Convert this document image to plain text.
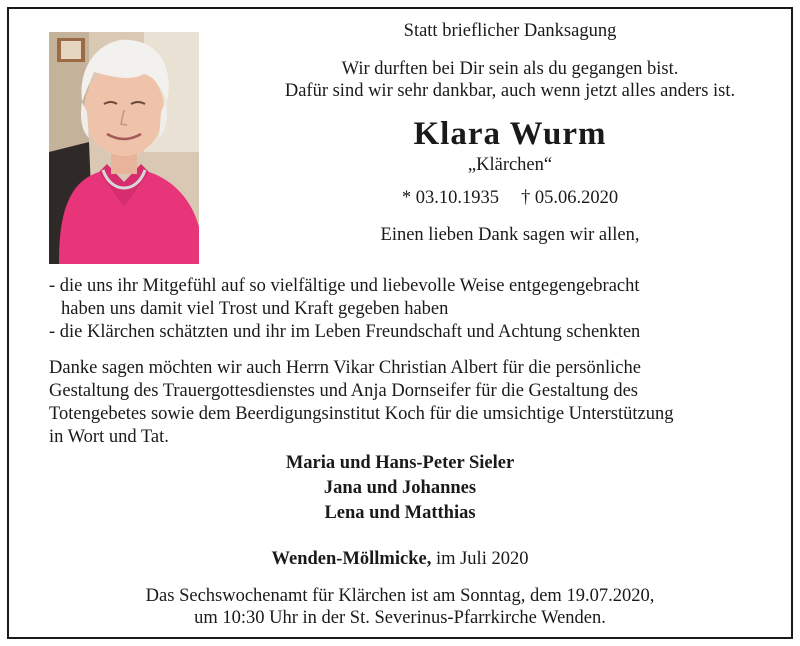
Statt brieflicher Danksagung
Wir durften bei Dir sein als du gegangen bist.
Dafür sind wir sehr dankbar, auch wenn jetzt alles anders ist.
Klara Wurm
„Klärchen“
* 03.10.1935 † 05.06.2020
Einen lieben Dank sagen wir allen,
- die uns ihr Mitgefühl auf so vielfältige und liebevolle Weise entgegengebracht
haben uns damit viel Trost und Kraft gegeben haben
- die Klärchen schätzten und ihr im Leben Freundschaft und Achtung schenkten
Danke sagen möchten wir auch Herrn Vikar Christian Albert für die persönliche
Gestaltung des Trauergottesdienstes und Anja Dornseifer für die Gestaltung des
Totengebetes sowie dem Beerdigungsinstitut Koch für die umsichtige Unterstützung
in Wort und Tat.
Maria und Hans-Peter Sieler
Jana und Johannes
Lena und Matthias
Wenden-Möllmicke, im Juli 2020
Das Sechswochenamt für Klärchen ist am Sonntag, dem 19.07.2020,
um 10:30 Uhr in der St. Severinus-Pfarrkirche Wenden.
